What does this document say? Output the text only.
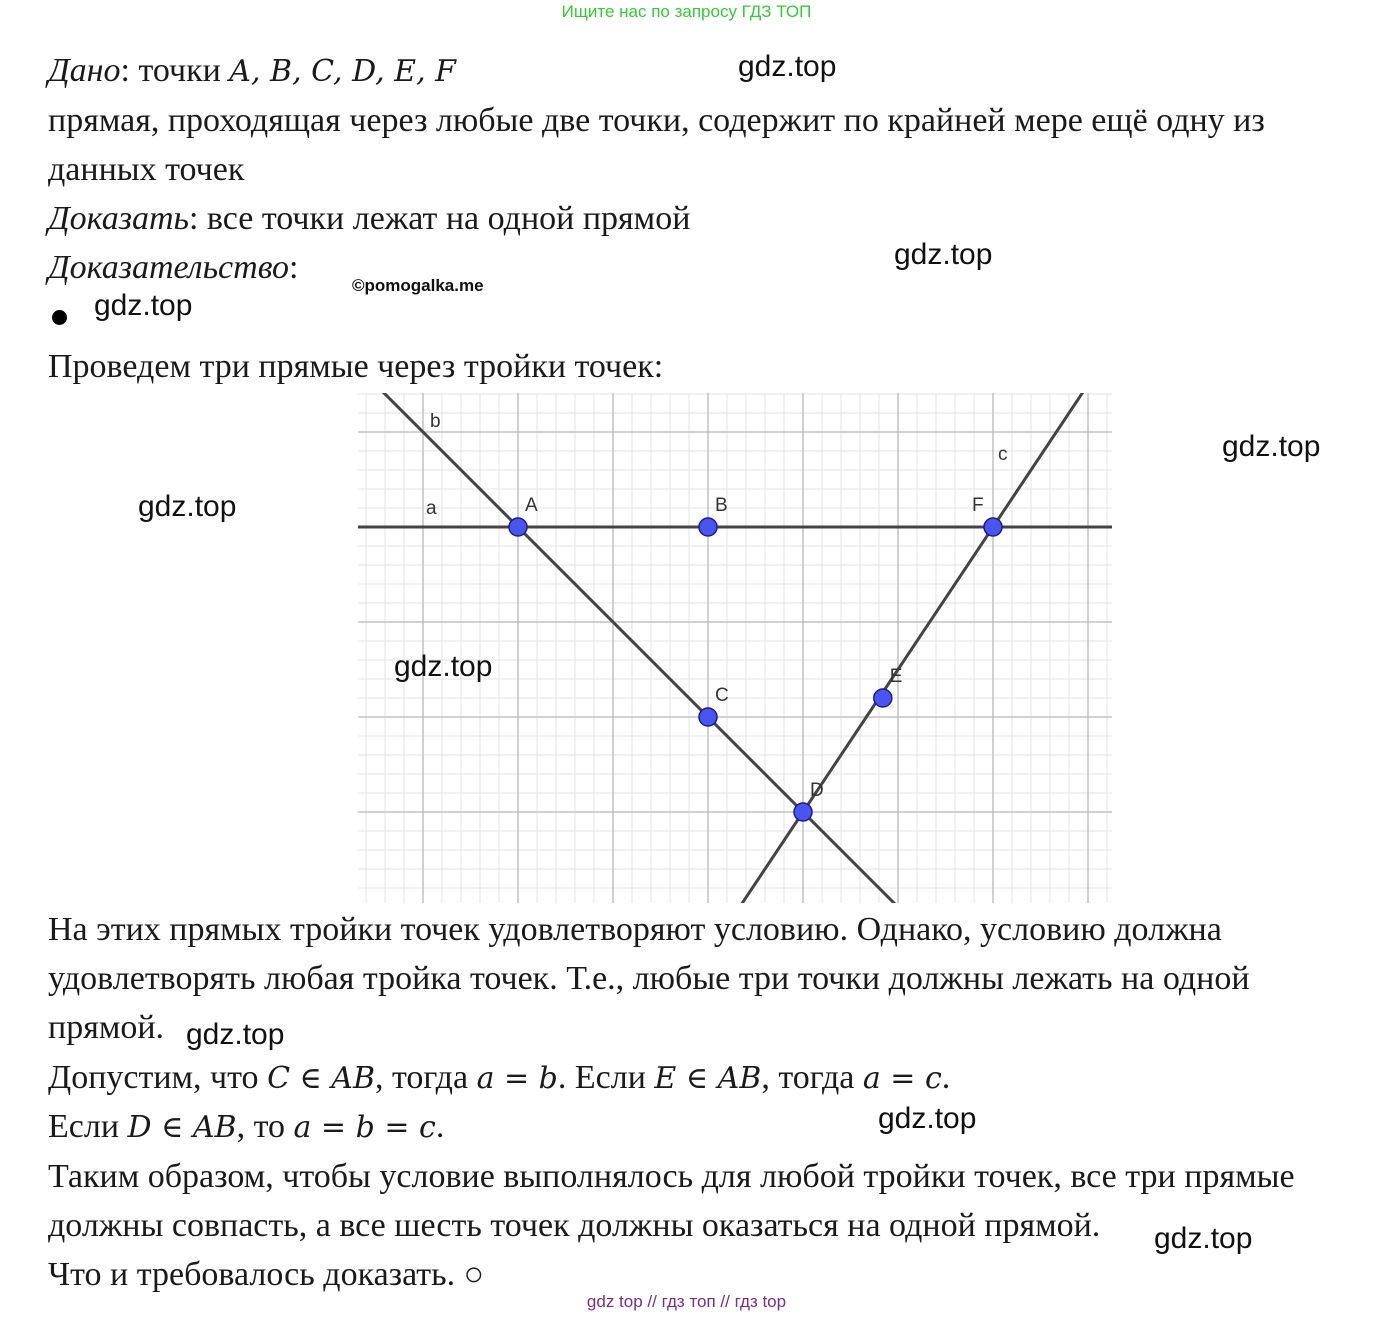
Ищите нас по запросу ГДЗ ТОП
Дано: точки A, B, C, D, E, F
прямая, проходящая через любые две точки, содержит по крайней мере ещё одну из
данных точек
Доказать: все точки лежат на одной прямой
Доказательство:	©pomogalka.me
Проведем три прямые через тройки точек:
b
a
c
A	B	F
C
E
D
На этих прямых тройки точек удовлетворяют условию. Однако, условию должна
удовлетворять любая тройка точек. Т.е., любые три точки должны лежать на одной
прямой.
Допустим, что C ∈ AB, тогда a = b. Если E ∈ AB, тогда a = c.
Если D ∈ AB, то a = b = c.
Таким образом, чтобы условие выполнялось для любой тройки точек, все три прямые
должны совпасть, а все шесть точек должны оказаться на одной прямой.
Что и требовалось доказать. ○
gdz.top
gdz.top
gdz.top
gdz.top
gdz.top
gdz.top
gdz.top
gdz.top
gdz.top
gdz top // гдз топ // гдз top
